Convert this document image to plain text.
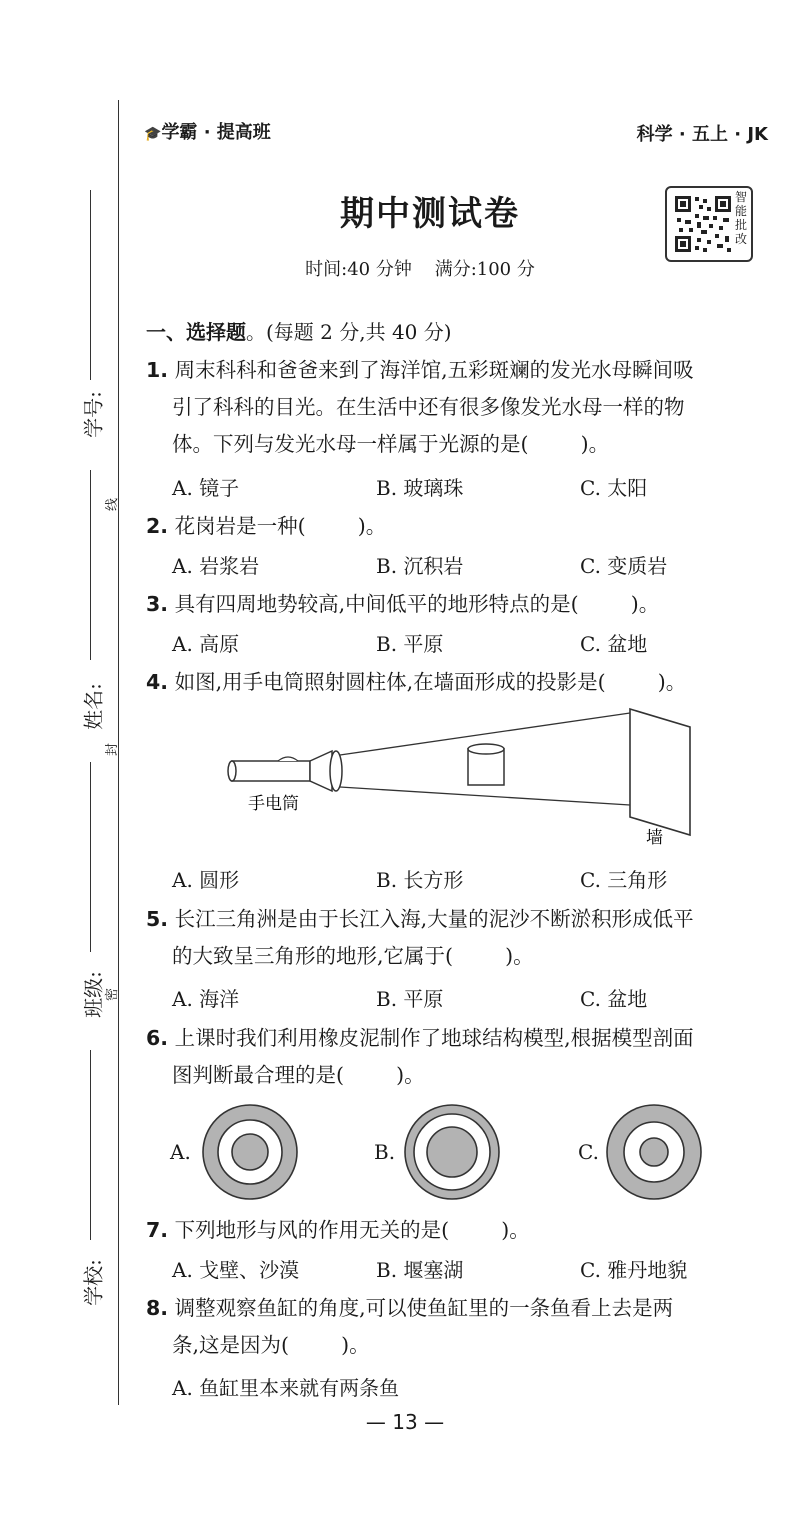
学号:
线
姓名:
封
班级: 密
学校:
🎓学霸 · 提高班	科学 · 五上 · JK
期中测试卷
时间:40 分钟    满分:100 分
智能批改
一、选择题。(每题 2 分,共 40 分)
1. 周末科科和爸爸来到了海洋馆,五彩斑斓的发光水母瞬间吸
引了科科的目光。在生活中还有很多像发光水母一样的物
体。下列与发光水母一样属于光源的是(        )。
A. 镜子	B. 玻璃珠	C. 太阳
2. 花岗岩是一种(        )。
A. 岩浆岩	B. 沉积岩	C. 变质岩
3. 具有四周地势较高,中间低平的地形特点的是(        )。
A. 高原	B. 平原	C. 盆地
4. 如图,用手电筒照射圆柱体,在墙面形成的投影是(        )。
手电筒
墙
A. 圆形	B. 长方形	C. 三角形
5. 长江三角洲是由于长江入海,大量的泥沙不断淤积形成低平
的大致呈三角形的地形,它属于(        )。
A. 海洋	B. 平原	C. 盆地
6. 上课时我们利用橡皮泥制作了地球结构模型,根据模型剖面
图判断最合理的是(        )。
A.	B.	C.
7. 下列地形与风的作用无关的是(        )。
A. 戈壁、沙漠	B. 堰塞湖	C. 雅丹地貌
8. 调整观察鱼缸的角度,可以使鱼缸里的一条鱼看上去是两
条,这是因为(        )。
A. 鱼缸里本来就有两条鱼
— 13 —
